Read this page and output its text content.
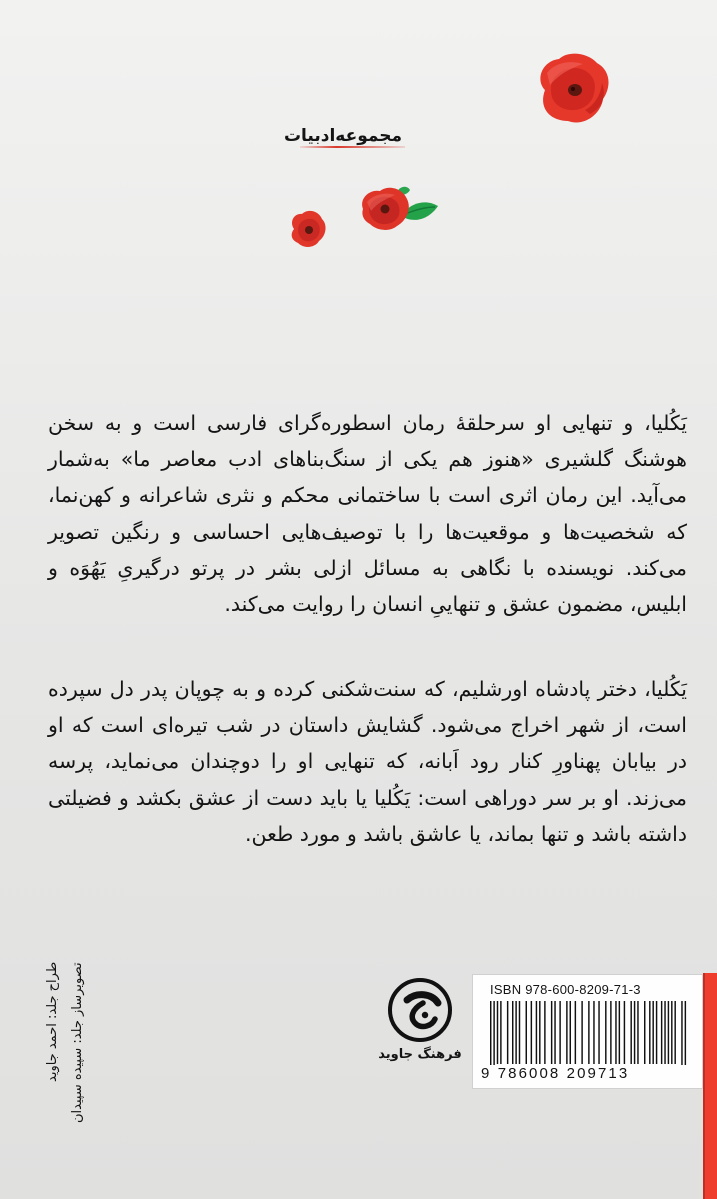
مجموعه‌ادبیات

یَکُلیا، و تنهایی او سرحلقهٔ رمان اسطوره‌گرای فارسی است و به سخن هوشنگ گلشیری «هنوز هم یکی از سنگ‌بناهای ادب معاصر ما» به‌شمار می‌آید. این رمان اثری است با ساختمانی محکم و نثری شاعرانه و کهن‌نما، که شخصیت‌ها و موقعیت‌ها را با توصیف‌هایی احساسی و رنگین تصویر می‌کند. نویسنده با نگاهی به مسائل ازلی بشر در پرتو درگیریِ یَهُوَه و ابلیس، مضمون عشق و تنهاییِ انسان را روایت می‌کند.

یَکُلیا، دختر پادشاه اورشلیم، که سنت‌شکنی کرده و به چوپان پدر دل سپرده است، از شهر اخراج می‌شود. گشایش داستان در شب تیره‌ای است که او در بیابان پهناورِ کنار رود اَبانه، که تنهایی او را دوچندان می‌نماید، پرسه می‌زند. او بر سر دوراهی است: یَکُلیا یا باید دست از عشق بکشد و فضیلتی داشته باشد و تنها بماند، یا عاشق باشد و مورد طعن.

طراح جلد: احمد جاوید تصویرساز جلد: سپیده سپیدان	فرهنگ جاوید
ISBN 978-600-8209-71-3
9 786008 209713
